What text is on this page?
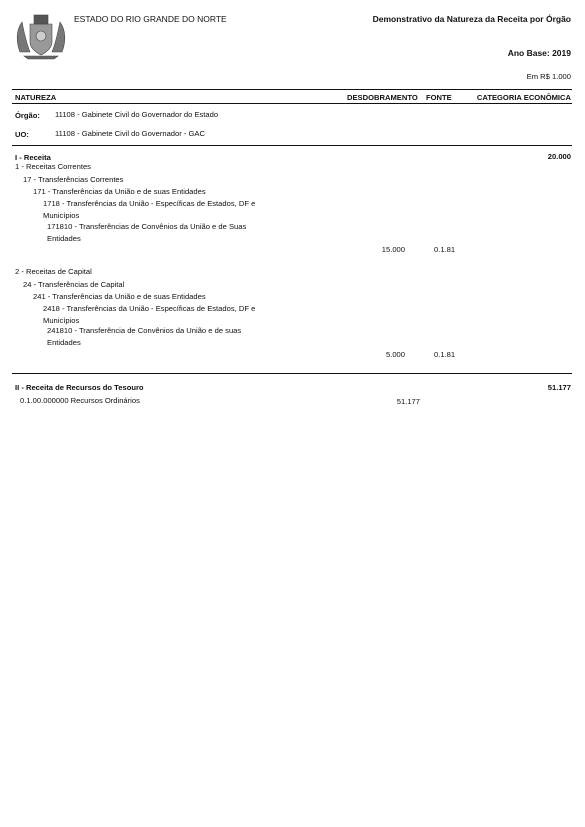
ESTADO DO RIO GRANDE DO NORTE	Demonstrativo da Natureza da Receita por Órgão
Ano Base: 2019
Em R$ 1.000
NATUREZA	DESDOBRAMENTO FONTE	CATEGORIA ECONÔMICA
Órgão: 11108 - Gabinete Civil do Governador do Estado
UO:	11108 - Gabinete Civil do Governador - GAC
I - Receita	20.000
1 - Receitas Correntes
17 - Transferências Correntes
171 - Transferências da União e de suas Entidades
1718 - Transferências da União - Específicas de Estados, DF e Municípios
171810 - Transferências de Convênios da União e de Suas Entidades
15.000	0.1.81
2 - Receitas de Capital
24 - Transferências de Capital
241 - Transferências da União e de suas Entidades
2418 - Transferências da União - Específicas de Estados, DF e Municípios
241810 - Transferência de Convênios da União e de suas Entidades
5.000	0.1.81
II - Receita de Recursos do Tesouro	51.177
0.1.00.000000 Recursos Ordinários	51.177
